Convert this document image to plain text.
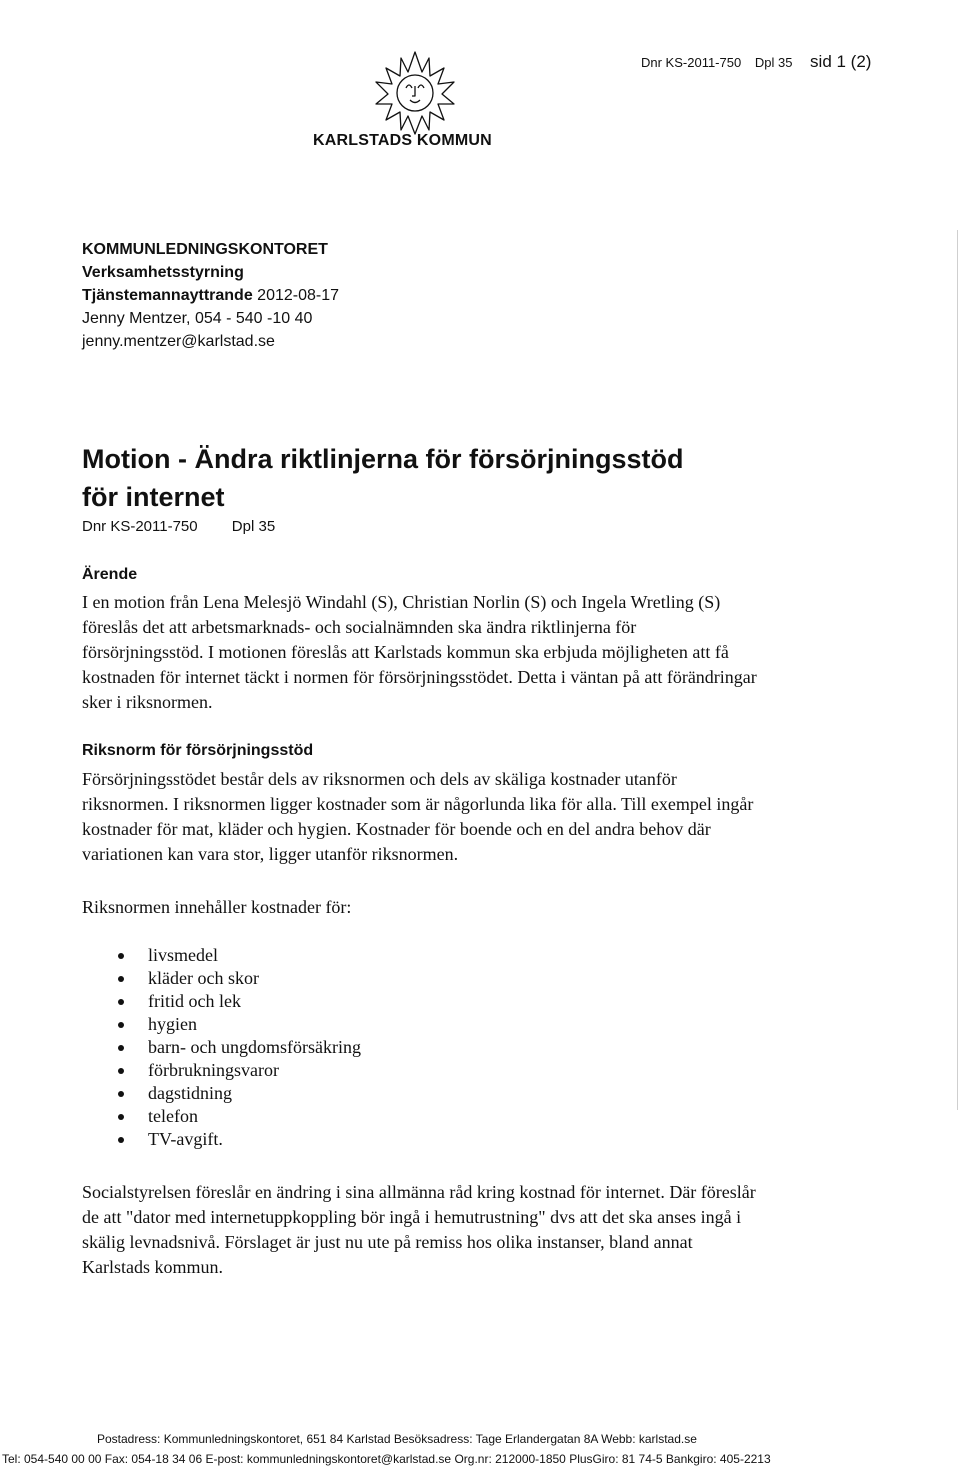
Dnr KS-2011-750 Dpl 35 sid 1 (2)
KARLSTADS KOMMUN
KOMMUNLEDNINGSKONTORET
Verksamhetsstyrning
Tjänstemannayttrande 2012-08-17
Jenny Mentzer, 054 - 540 -10 40
jenny.mentzer@karlstad.se
Motion - Ändra riktlinjerna för försörjningsstöd
för internet
Dnr KS-2011-750 Dpl 35
Ärende
I en motion från Lena Melesjö Windahl (S), Christian Norlin (S) och Ingela Wretling (S) föreslås det att arbetsmarknads- och socialnämnden ska ändra riktlinjerna för försörjningsstöd. I motionen föreslås att Karlstads kommun ska erbjuda möjligheten att få kostnaden för internet täckt i normen för försörjningsstödet. Detta i väntan på att förändringar sker i riksnormen.
Riksnorm för försörjningsstöd
Försörjningsstödet består dels av riksnormen och dels av skäliga kostnader utanför riksnormen. I riksnormen ligger kostnader som är någorlunda lika för alla. Till exempel ingår kostnader för mat, kläder och hygien. Kostnader för boende och en del andra behov där variationen kan vara stor, ligger utanför riksnormen.
Riksnormen innehåller kostnader för:
livsmedel
kläder och skor
fritid och lek
hygien
barn- och ungdomsförsäkring
förbrukningsvaror
dagstidning
telefon
TV-avgift.
Socialstyrelsen föreslår en ändring i sina allmänna råd kring kostnad för internet. Där föreslår de att "dator med internetuppkoppling bör ingå i hemutrustning" dvs att det ska anses ingå i skälig levnadsnivå. Förslaget är just nu ute på remiss hos olika instanser, bland annat Karlstads kommun.
Postadress: Kommunledningskontoret, 651 84 Karlstad Besöksadress: Tage Erlandergatan 8A Webb: karlstad.se
Tel: 054-540 00 00 Fax: 054-18 34 06 E-post: kommunledningskontoret@karlstad.se Org.nr: 212000-1850 PlusGiro: 81 74-5 Bankgiro: 405-2213
